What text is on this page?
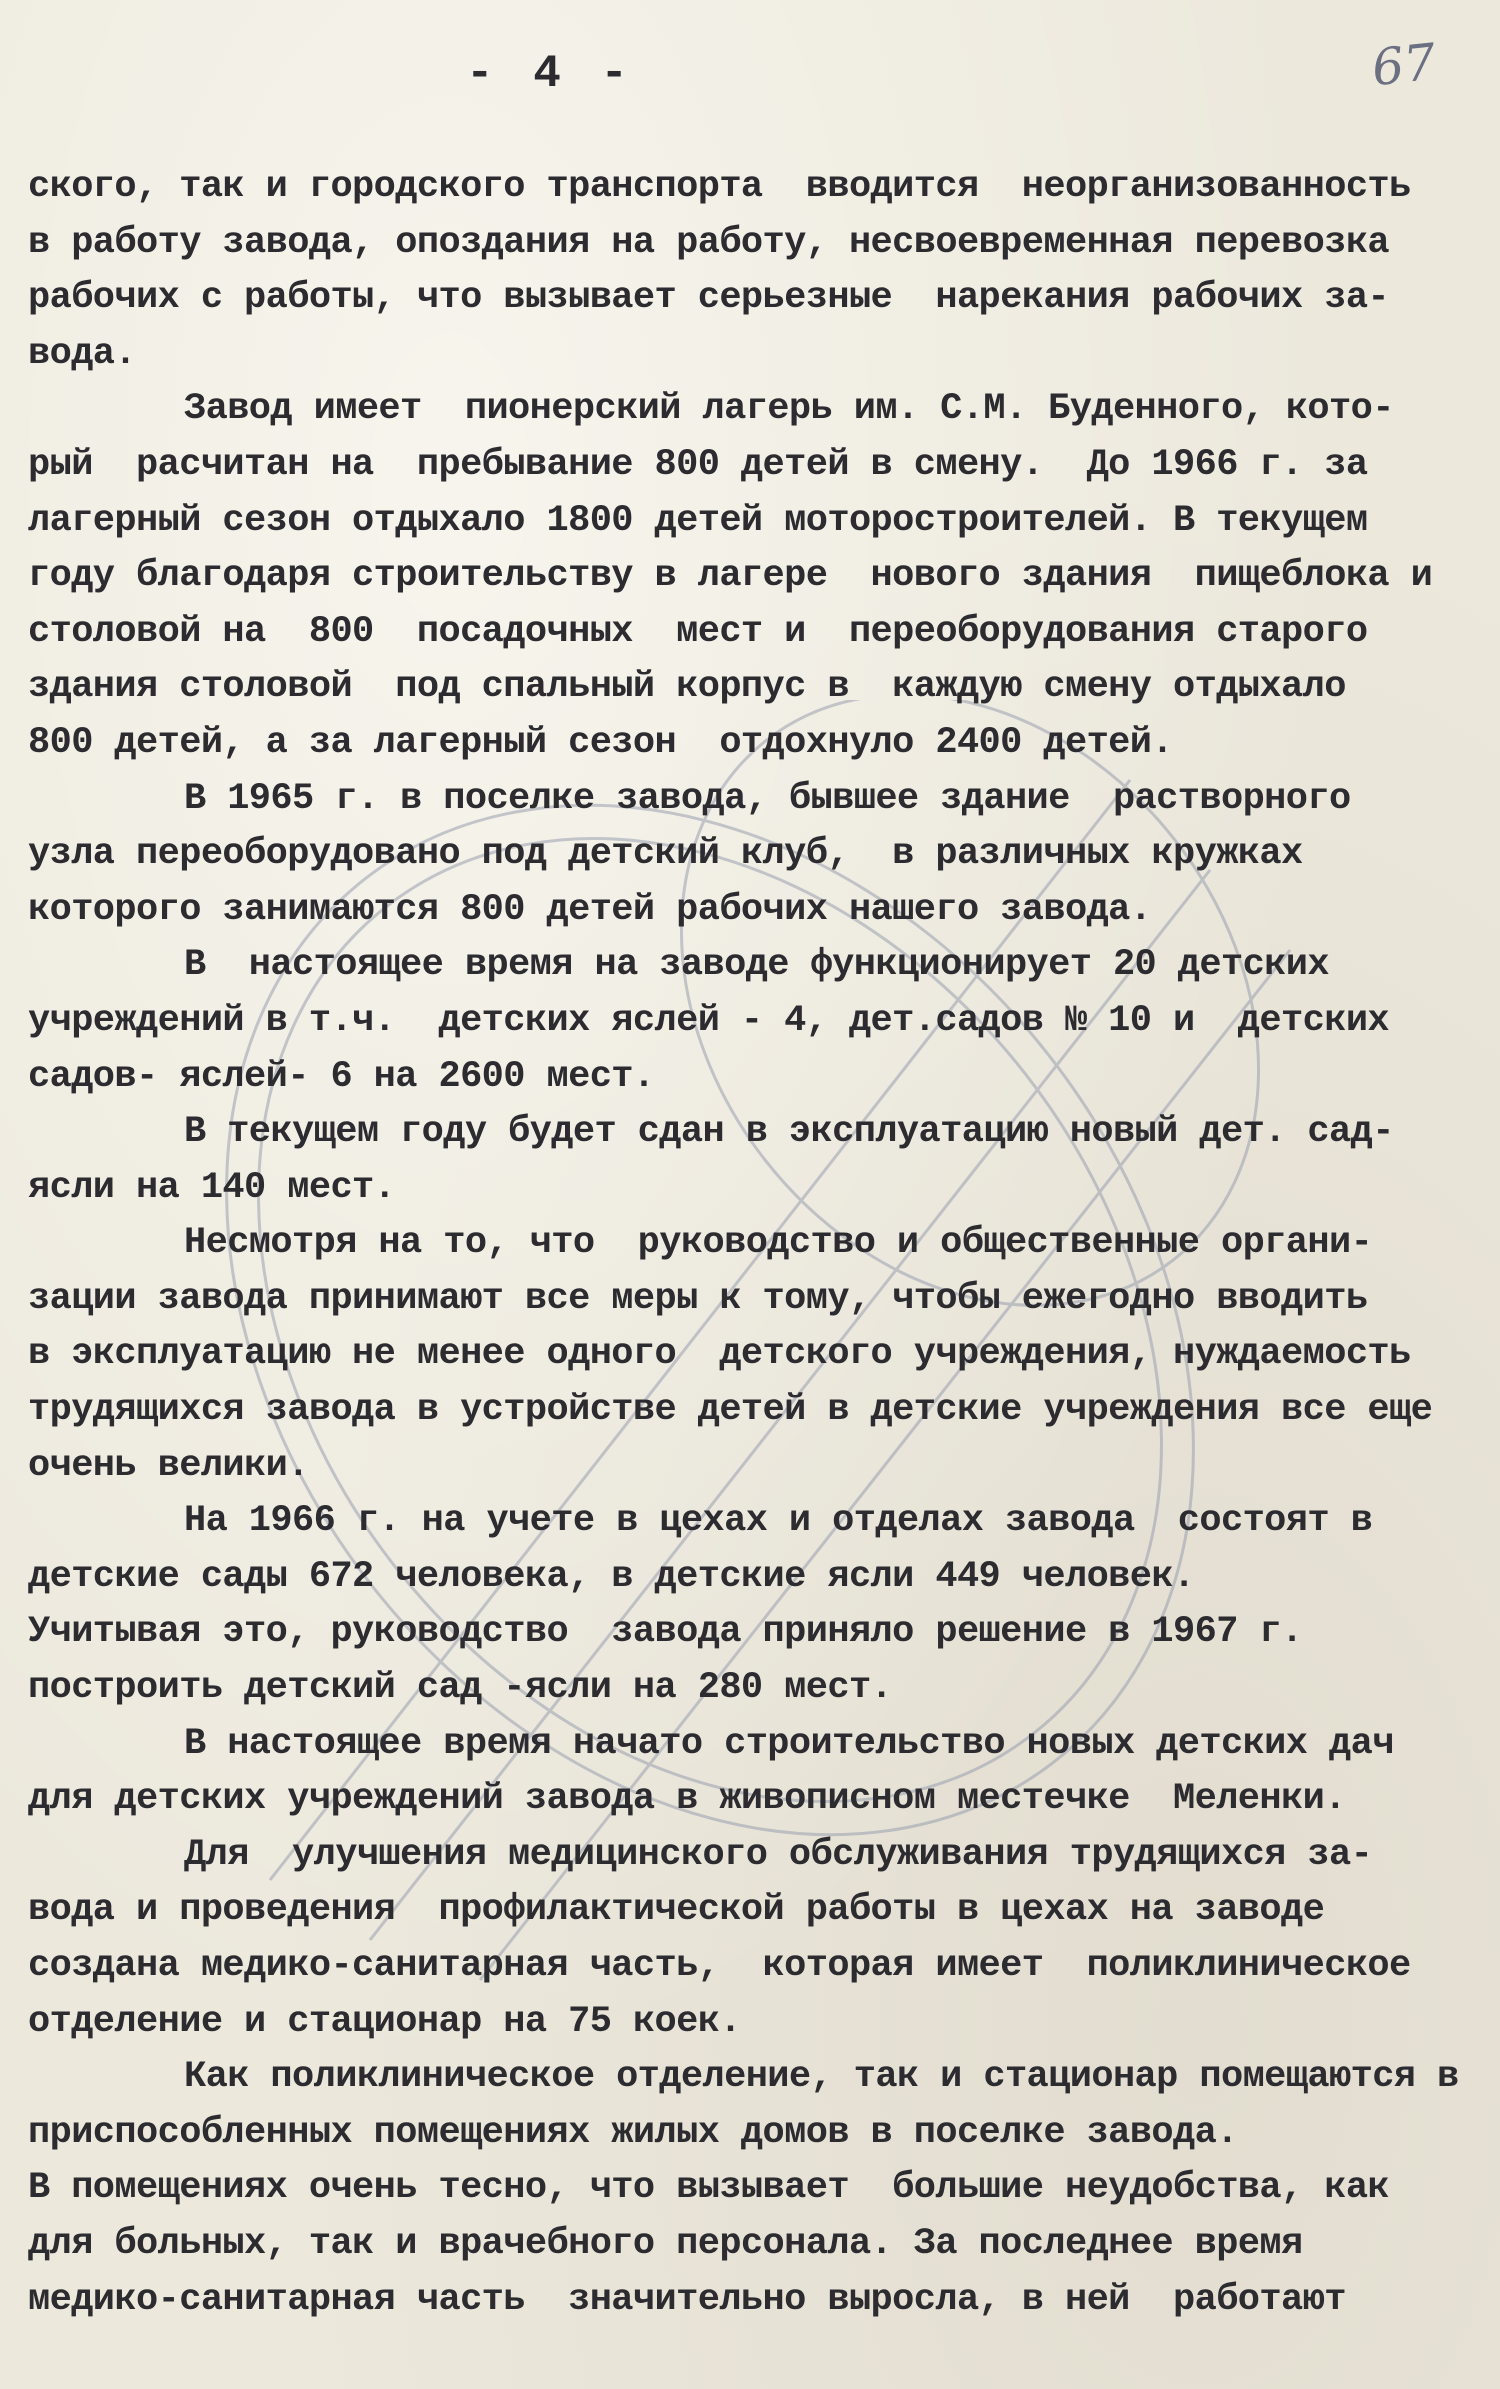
- 4 -	67
ского, так и городского транспорта  вводится  неорганизованность
в работу завода, опоздания на работу, несвоевременная перевозка
рабочих с работы, что вызывает серьезные  нарекания рабочих за-
вода.
Завод имеет  пионерский лагерь им. С.М. Буденного, кото-
рый  расчитан на  пребывание 800 детей в смену.  До 1966 г. за
лагерный сезон отдыхало 1800 детей моторостроителей. В текущем
году благодаря строительству в лагере  нового здания  пищеблока и
столовой на  800  посадочных  мест и  переоборудования старого
здания столовой  под спальный корпус в  каждую смену отдыхало
800 детей, а за лагерный сезон  отдохнуло 2400 детей.
В 1965 г. в поселке завода, бывшее здание  растворного
узла переоборудовано под детский клуб,  в различных кружках
которого занимаются 800 детей рабочих нашего завода.
В  настоящее время на заводе функционирует 20 детских
учреждений в т.ч.  детских яслей - 4, дет.садов № 10 и  детских
садов- яслей- 6 на 2600 мест.
В текущем году будет сдан в эксплуатацию новый дет. сад-
ясли на 140 мест.
Несмотря на то, что  руководство и общественные органи-
зации завода принимают все меры к тому, чтобы ежегодно вводить
в эксплуатацию не менее одного  детского учреждения, нуждаемость
трудящихся завода в устройстве детей в детские учреждения все еще
очень велики.
На 1966 г. на учете в цехах и отделах завода  состоят в
детские сады 672 человека, в детские ясли 449 человек.
Учитывая это, руководство  завода приняло решение в 1967 г.
построить детский сад -ясли на 280 мест.
В настоящее время начато строительство новых детских дач
для детских учреждений завода в живописном местечке  Меленки.
Для  улучшения медицинского обслуживания трудящихся за-
вода и проведения  профилактической работы в цехах на заводе
создана медико-санитарная часть,  которая имеет  поликлиническое
отделение и стационар на 75 коек.
Как поликлиническое отделение, так и стационар помещаются в
приспособленных помещениях жилых домов в поселке завода.
В помещениях очень тесно, что вызывает  большие неудобства, как
для больных, так и врачебного персонала. За последнее время
медико-санитарная часть  значительно выросла, в ней  работают
